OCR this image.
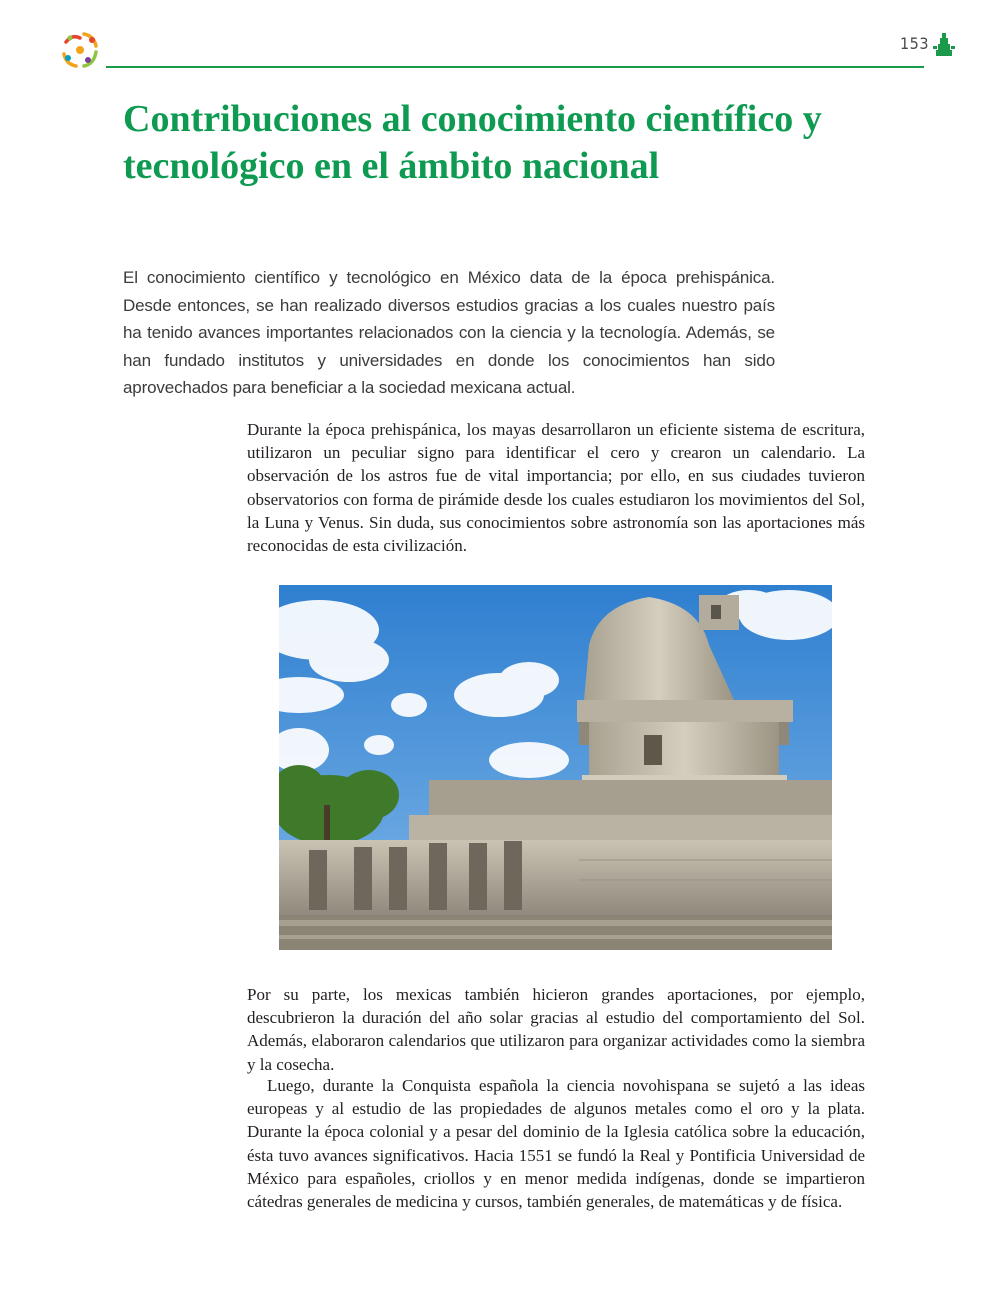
153
Contribuciones al conocimiento científico y tecnológico en el ámbito nacional

El conocimiento científico y tecnológico en México data de la época prehispánica. Desde entonces, se han realizado diversos estudios gracias a los cuales nuestro país ha tenido avances importantes relacionados con la ciencia y la tecnología. Además, se han fundado institutos y universidades en donde los conocimientos han sido aprovechados para beneficiar a la sociedad mexicana actual.

Durante la época prehispánica, los mayas desarrollaron un eficiente sistema de escritura, utilizaron un peculiar signo para identificar el cero y crearon un calendario. La observación de los astros fue de vital importancia; por ello, en sus ciudades tuvieron observatorios con forma de pirámide desde los cuales estudiaron los movimientos del Sol, la Luna y Venus. Sin duda, sus conocimientos sobre astronomía son las aportaciones más reconocidas de esta civilización.

Por su parte, los mexicas también hicieron grandes aportaciones, por ejemplo, descubrieron la duración del año solar gracias al estudio del comportamiento del Sol. Además, elaboraron calendarios que utilizaron para organizar actividades como la siembra y la cosecha.

Luego, durante la Conquista española la ciencia novohispana se sujetó a las ideas europeas y al estudio de las propiedades de algunos metales como el oro y la plata. Durante la época colonial y a pesar del dominio de la Iglesia católica sobre la educación, ésta tuvo avances significativos. Hacia 1551 se fundó la Real y Pontificia Universidad de México para españoles, criollos y en menor medida indígenas, donde se impartieron cátedras generales de medicina y cursos, también generales, de matemáticas y de física.
